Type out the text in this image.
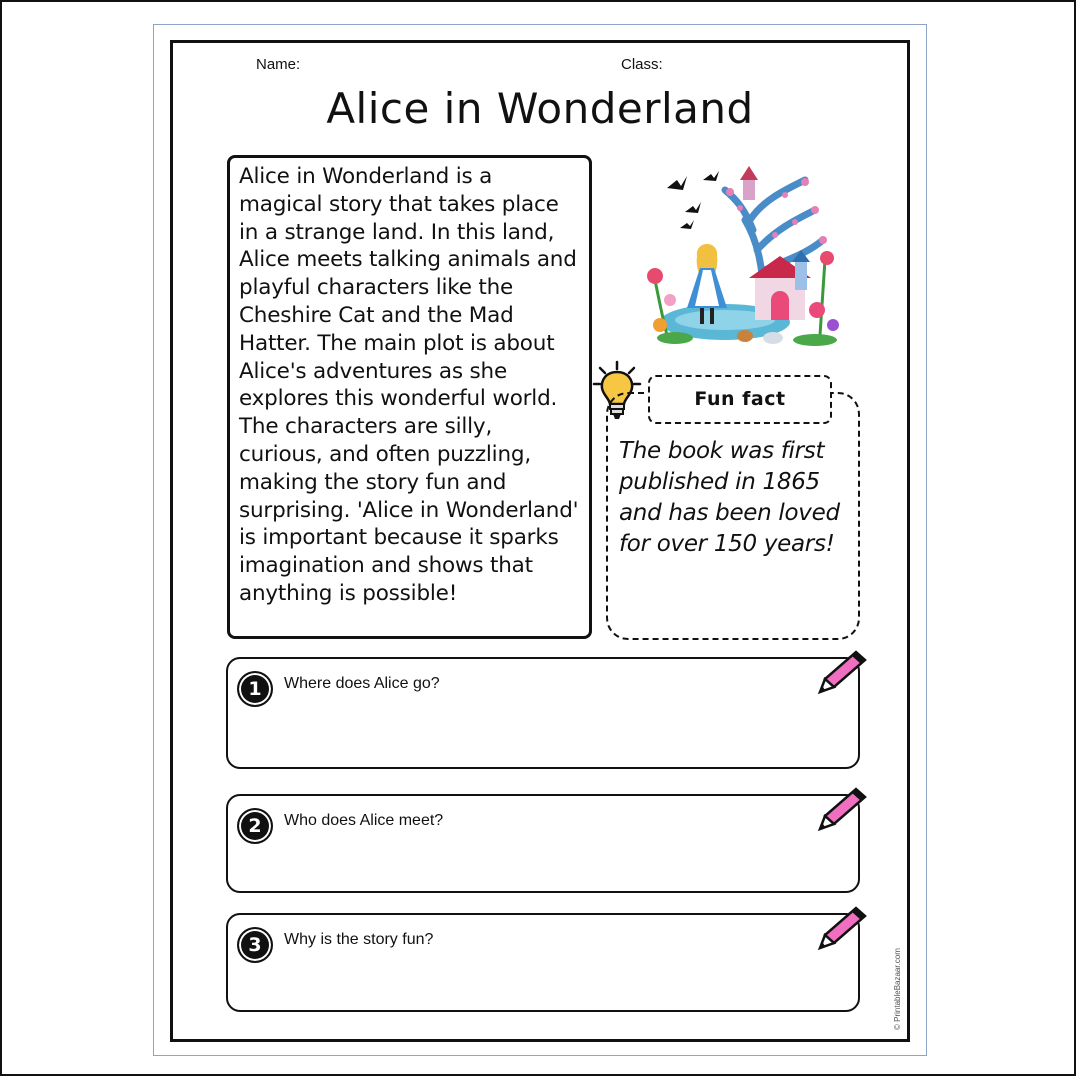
Name:	Class:
Alice in Wonderland
Alice in Wonderland is a magical story that takes place in a strange land. In this land, Alice meets talking animals and playful characters like the Cheshire Cat and the Mad Hatter. The main plot is about Alice's adventures as she explores this wonderful world. The characters are silly, curious, and often puzzling, making the story fun and surprising. 'Alice in Wonderland' is important because it sparks imagination and shows that anything is possible!
Fun fact
The book was first published in 1865 and has been loved for over 150 years!
1	Where does Alice go?
2	Who does Alice meet?
3	Why is the story fun?
© PrintableBazaar.com
